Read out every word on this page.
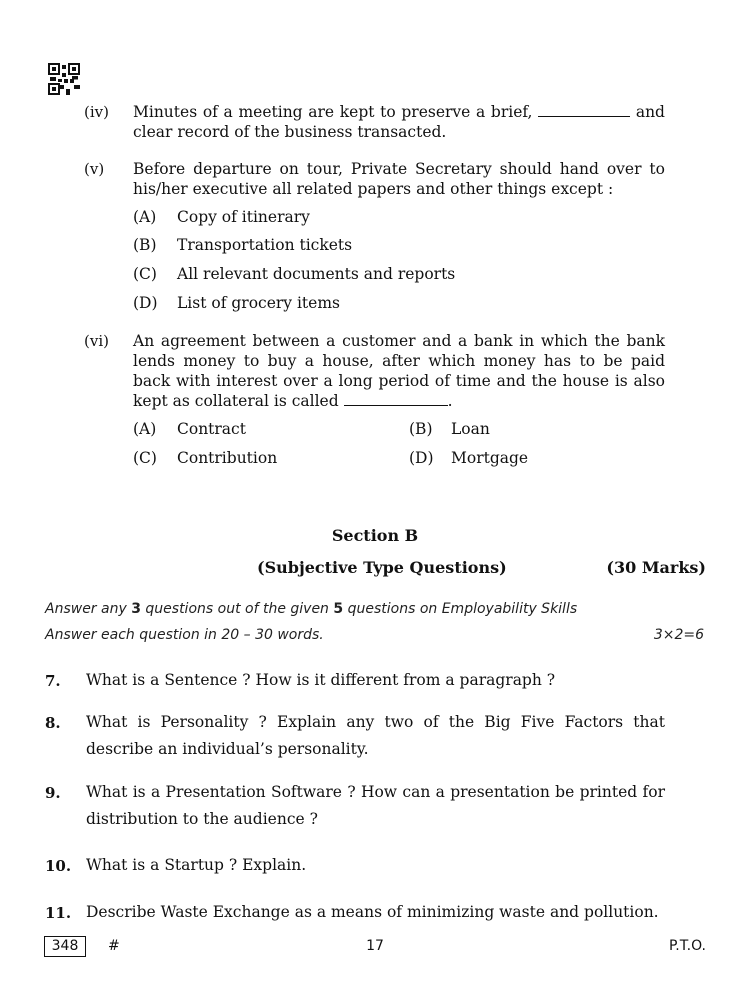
(iv) Minutes of a meeting are kept to preserve a brief,	and clear record of the business transacted.
(v) Before departure on tour, Private Secretary should hand over to his/her executive all related papers and other things except :
(A) Copy of itinerary
(B) Transportation tickets
(C) All relevant documents and reports
(D) List of grocery items
(vi) An agreement between a customer and a bank in which the bank lends money to buy a house, after which money has to be paid back with interest over a long period of time and the house is also kept as collateral is called	.
(A) Contract	(B) Loan
(C) Contribution	(D) Mortgage
Section B
(Subjective Type Questions)	(30 Marks)
Answer any 3 questions out of the given 5 questions on Employability Skills
Answer each question in 20 – 30 words.	3×2=6
7. What is a Sentence ? How is it different from a paragraph ?
8. What is Personality ? Explain any two of the Big Five Factors that describe an individual’s personality.
9. What is a Presentation Software ? How can a presentation be printed for distribution to the audience ?
10. What is a Startup ? Explain.
11. Describe Waste Exchange as a means of minimizing waste and pollution.
348	#	17	P.T.O.
